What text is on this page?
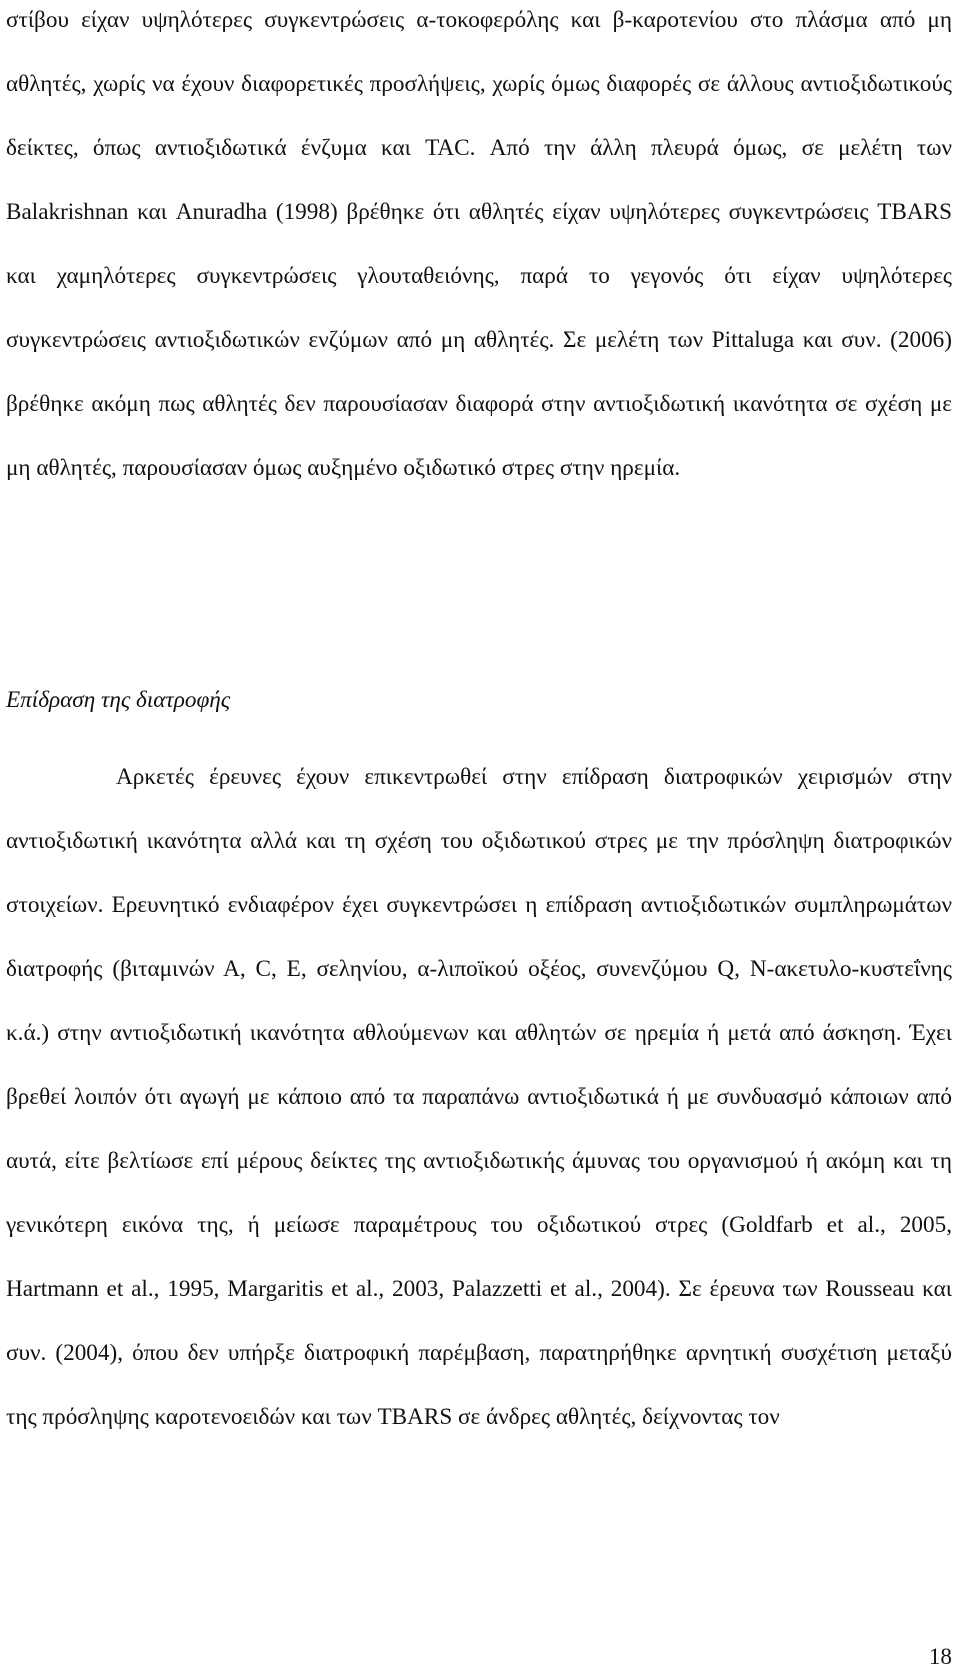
στίβου είχαν υψηλότερες συγκεντρώσεις α-τοκοφερόλης και β-καροτενίου στο πλάσμα από μη αθλητές, χωρίς να έχουν διαφορετικές προσλήψεις, χωρίς όμως διαφορές σε άλλους αντιοξιδωτικούς δείκτες, όπως αντιοξιδωτικά ένζυμα και TAC. Από την άλλη πλευρά όμως, σε μελέτη των Balakrishnan και Anuradha (1998) βρέθηκε ότι αθλητές είχαν υψηλότερες συγκεντρώσεις TBARS και χαμηλότερες συγκεντρώσεις γλουταθειόνης, παρά το γεγονός ότι είχαν υψηλότερες συγκεντρώσεις αντιοξιδωτικών ενζύμων από μη αθλητές. Σε μελέτη των Pittaluga και συν. (2006) βρέθηκε ακόμη πως αθλητές δεν παρουσίασαν διαφορά στην αντιοξιδωτική ικανότητα σε σχέση με μη αθλητές, παρουσίασαν όμως αυξημένο οξιδωτικό στρες στην ηρεμία.

Επίδραση της διατροφής

Αρκετές έρευνες έχουν επικεντρωθεί στην επίδραση διατροφικών χειρισμών στην αντιοξιδωτική ικανότητα αλλά και τη σχέση του οξιδωτικού στρες με την πρόσληψη διατροφικών στοιχείων. Ερευνητικό ενδιαφέρον έχει συγκεντρώσει η επίδραση αντιοξιδωτικών συμπληρωμάτων διατροφής (βιταμινών Α, C, E, σεληνίου, α-λιποϊκού οξέος, συνενζύμου Q, Ν-ακετυλο-κυστεΐνης κ.ά.) στην αντιοξιδωτική ικανότητα αθλούμενων και αθλητών σε ηρεμία ή μετά από άσκηση. Έχει βρεθεί λοιπόν ότι αγωγή με κάποιο από τα παραπάνω αντιοξιδωτικά ή με συνδυασμό κάποιων από αυτά, είτε βελτίωσε επί μέρους δείκτες της αντιοξιδωτικής άμυνας του οργανισμού ή ακόμη και τη γενικότερη εικόνα της, ή μείωσε παραμέτρους του οξιδωτικού στρες (Goldfarb et al., 2005, Hartmann et al., 1995, Margaritis et al., 2003, Palazzetti et al., 2004). Σε έρευνα των Rousseau και συν. (2004), όπου δεν υπήρξε διατροφική παρέμβαση, παρατηρήθηκε αρνητική συσχέτιση μεταξύ της πρόσληψης καροτενοειδών και των TBARS σε άνδρες αθλητές, δείχνοντας τον

18
